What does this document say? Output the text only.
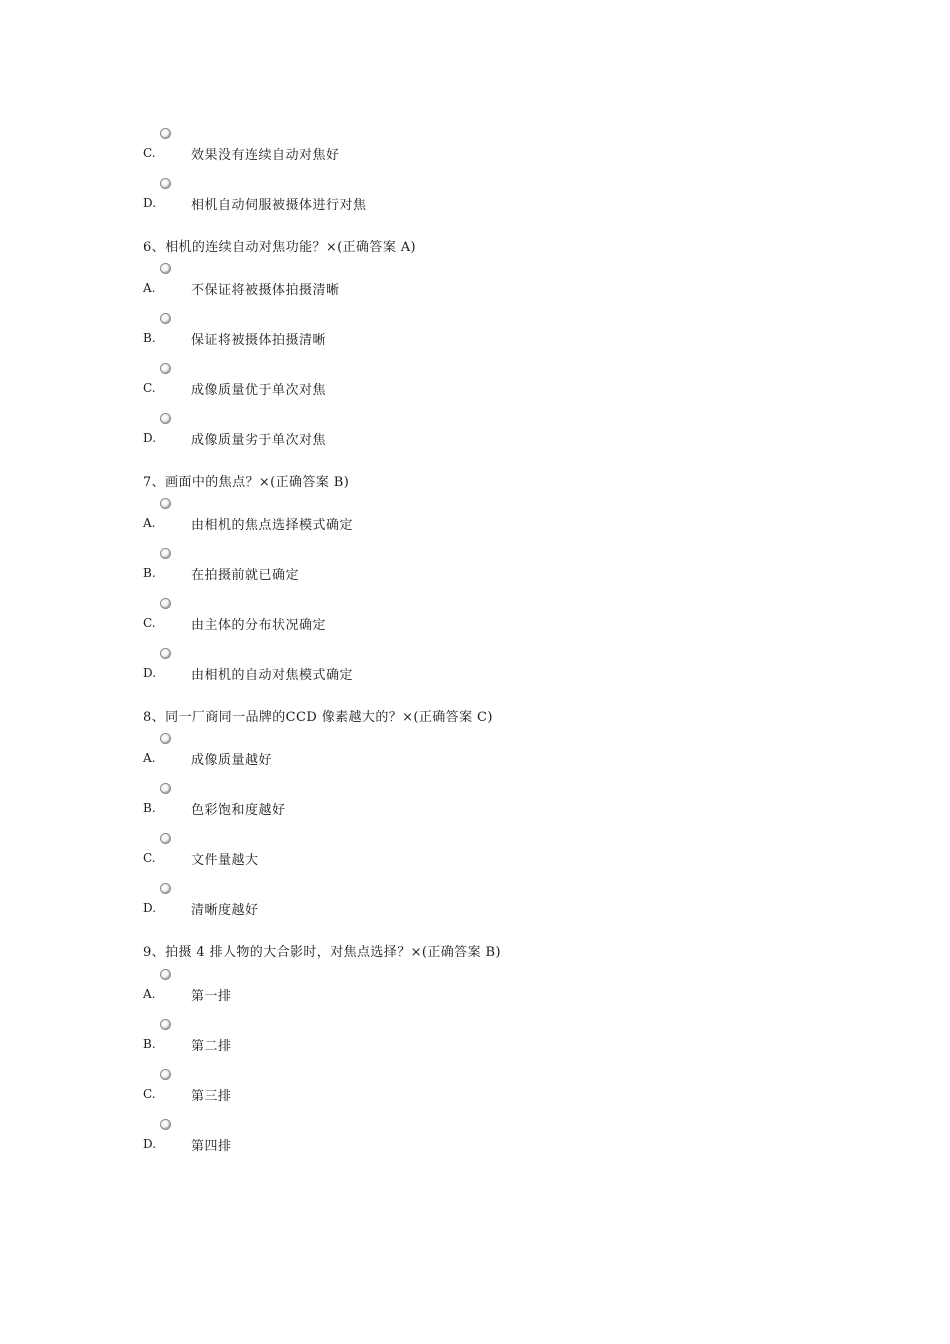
C.	效果没有连续自动对焦好
D.	相机自动伺服被摄体进行对焦
6、相机的连续自动对焦功能？×(正确答案 A)
A.	不保证将被摄体拍摄清晰
B.	保证将被摄体拍摄清晰
C.	成像质量优于单次对焦
D.	成像质量劣于单次对焦
7、画面中的焦点？×(正确答案 B)
A.	由相机的焦点选择模式确定
B.	在拍摄前就已确定
C.	由主体的分布状况确定
D.	由相机的自动对焦模式确定
8、同一厂商同一品牌的CCD 像素越大的？×(正确答案 C)
A.	成像质量越好
B.	色彩饱和度越好
C.	文件量越大
D.	清晰度越好
9、拍摄 4 排人物的大合影时，对焦点选择？×(正确答案 B)
A.	第一排
B.	第二排
C.	第三排
D.	第四排
